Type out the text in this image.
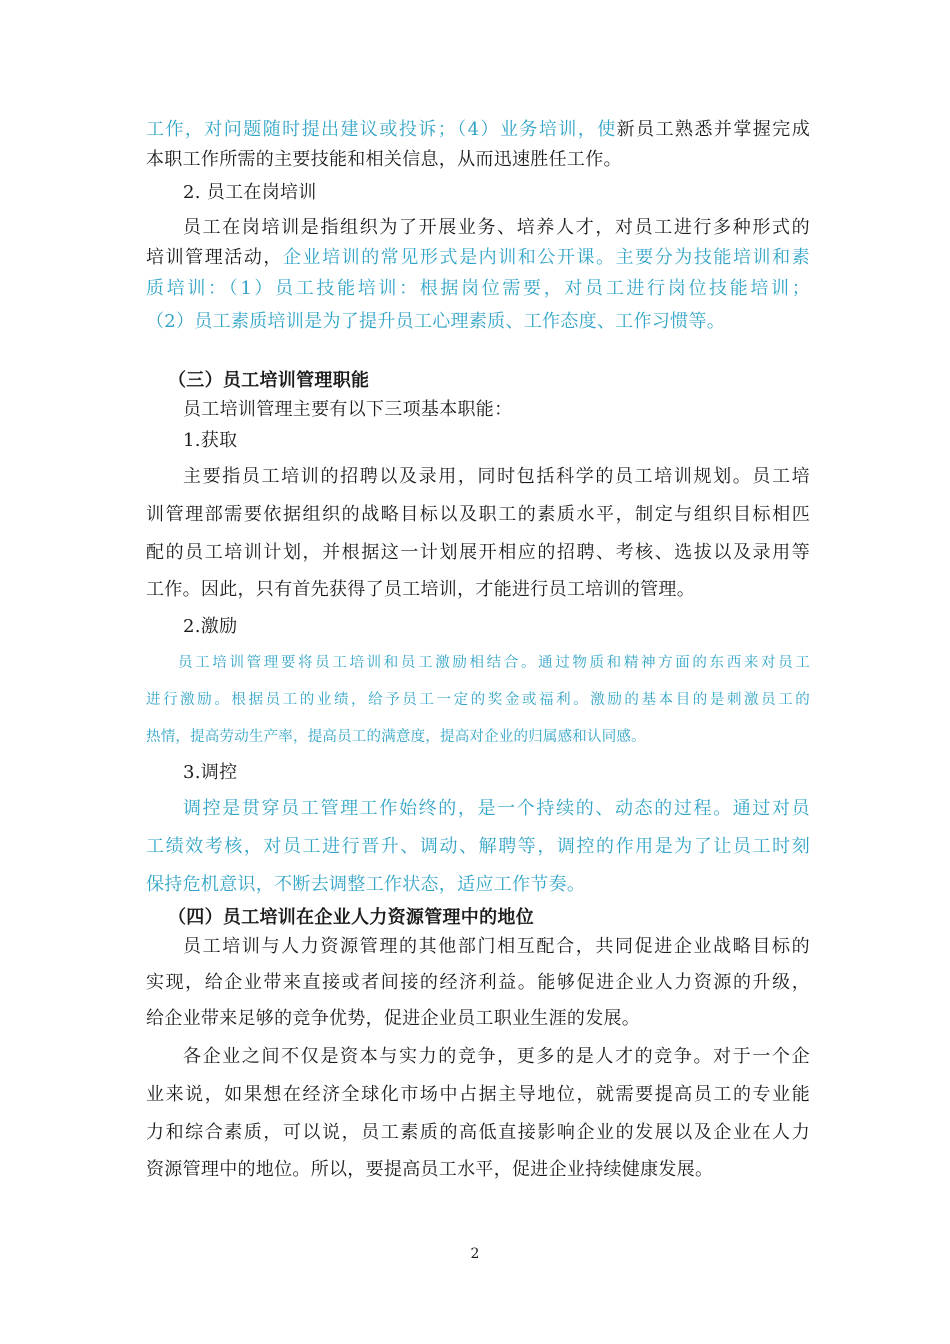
工作，对问题随时提出建议或投诉；（4）业务培训，使新员工熟悉并掌握完成
本职工作所需的主要技能和相关信息，从而迅速胜任工作。
2. 员工在岗培训
员工在岗培训是指组织为了开展业务、培养人才，对员工进行多种形式的
培训管理活动，企业培训的常见形式是内训和公开课。主要分为技能培训和素
质培训：（1）员工技能培训：根据岗位需要，对员工进行岗位技能培训；
（2）员工素质培训是为了提升员工心理素质、工作态度、工作习惯等。
（三）员工培训管理职能
员工培训管理主要有以下三项基本职能：
1.获取
主要指员工培训的招聘以及录用，同时包括科学的员工培训规划。员工培
训管理部需要依据组织的战略目标以及职工的素质水平，制定与组织目标相匹
配的员工培训计划，并根据这一计划展开相应的招聘、考核、选拔以及录用等
工作。因此，只有首先获得了员工培训，才能进行员工培训的管理。
2.激励
员工培训管理要将员工培训和员工激励相结合。通过物质和精神方面的东西来对员工
进行激励。根据员工的业绩，给予员工一定的奖金或福利。激励的基本目的是刺激员工的
热情，提高劳动生产率，提高员工的满意度，提高对企业的归属感和认同感。
3.调控
调控是贯穿员工管理工作始终的，是一个持续的、动态的过程。通过对员
工绩效考核，对员工进行晋升、调动、解聘等，调控的作用是为了让员工时刻
保持危机意识，不断去调整工作状态，适应工作节奏。
（四）员工培训在企业人力资源管理中的地位
员工培训与人力资源管理的其他部门相互配合，共同促进企业战略目标的
实现，给企业带来直接或者间接的经济利益。能够促进企业人力资源的升级，
给企业带来足够的竞争优势，促进企业员工职业生涯的发展。
各企业之间不仅是资本与实力的竞争，更多的是人才的竞争。对于一个企
业来说，如果想在经济全球化市场中占据主导地位，就需要提高员工的专业能
力和综合素质，可以说，员工素质的高低直接影响企业的发展以及企业在人力
资源管理中的地位。所以，要提高员工水平，促进企业持续健康发展。
2
